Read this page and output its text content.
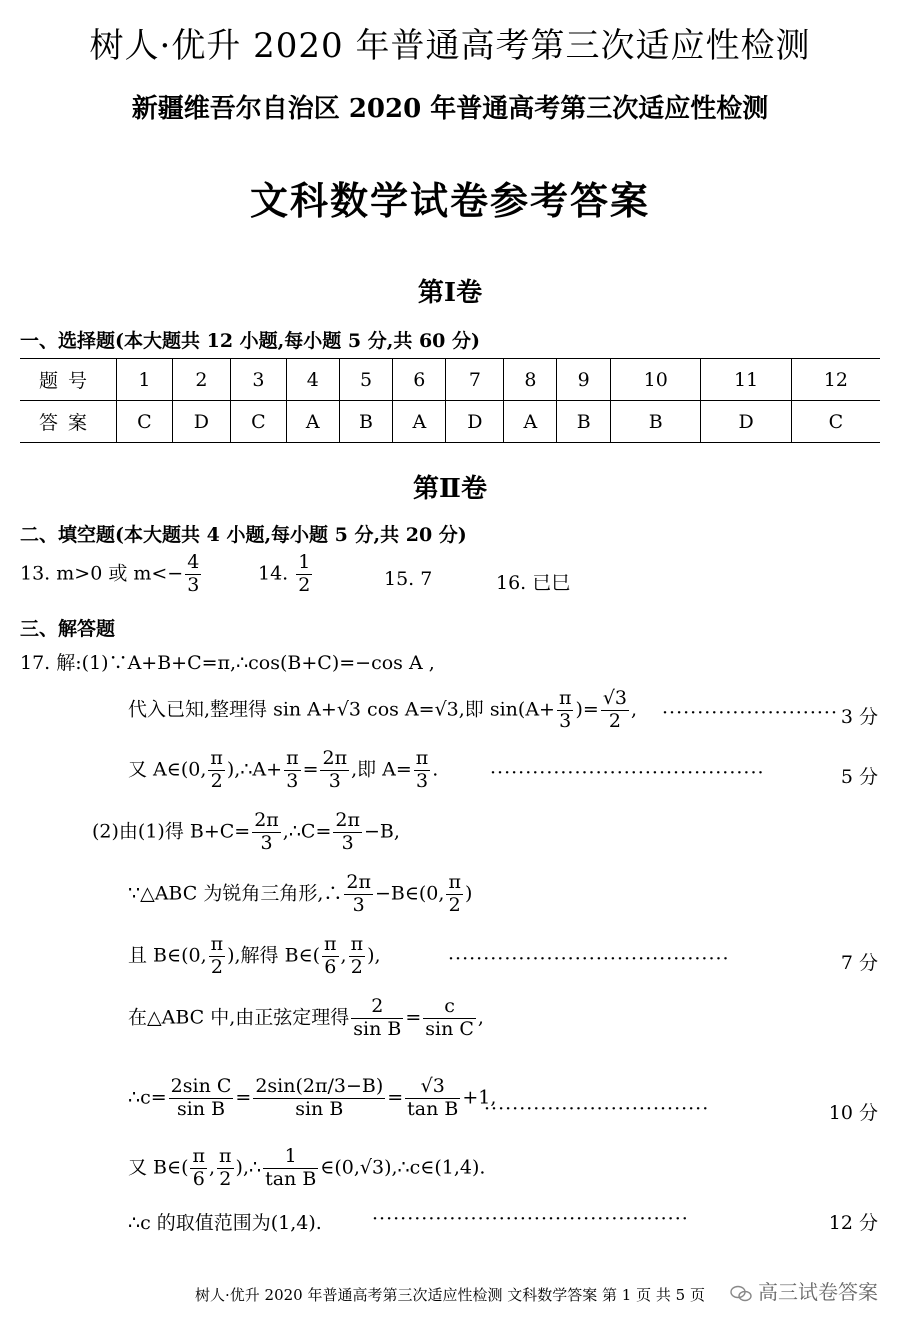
树人·优升 2020 年普通高考第三次适应性检测
新疆维吾尔自治区 2020 年普通高考第三次适应性检测
文科数学试卷参考答案
第Ⅰ卷
一、选择题(本大题共 12 小题,每小题 5 分,共 60 分)
题号	1	2	3	4	5	6	7	8	9	10	11	12
答案	C	D	C	A	B	A	D	A	B	B	D	C
第Ⅱ卷
二、填空题(本大题共 4 小题,每小题 5 分,共 20 分)
13. m>0 或 $m<- \frac{4}{3}$	14. $\frac{1}{2}$	15. 7	16. 已巳
三、解答题
17. 解:(1)∵A+B+C=π,∴cos(B+C)=−cos A ,
代入已知,整理得 sin A+√3 cos A=√3,即 $\sin(A+ \frac{\pi}{3}$ )= $\frac{√3}{2}$ , ························· 3 分
又 A∈(0, $\frac{\pi}{2}$ ),∴A+ $\frac{\pi}{3} = \frac{2\pi}{3}$ ,即 $A= \frac{\pi}{3}$ .	·······································	5 分
(2)由(1)得 $B+C= \frac{2\pi}{3}$ ,∴C= $\frac{2\pi}{3} -B$,
∵△ABC 为锐角三角形,∴ $\frac{2\pi}{3}$ −B∈(0, $\frac{\pi}{2}$ )
且 B∈(0, $\frac{\pi}{2}$ ),解得 B∈( $\frac{\pi}{6}$ , $\frac{\pi}{2}$ ),	········································	7 分
在△ABC 中,由正弦定理得 $\frac{2}{\text{sin B}} = \frac{c}{\text{sin C}}$ ,
∴c= $\frac{\text{2sin C}}{\text{sin B}} = \frac{2\sin(2\pi/3-B)}{\text{sin B}} = \frac{√3}{\text{tan B}} +1$,
································	10 分
又 B∈( $\frac{\pi}{6}$ , $\frac{\pi}{2}$ ),∴ $\frac{1}{\text{tan B}}$ ∈(0,√3),∴c∈(1,4).
∴c 的取值范围为(1,4).	·············································	12 分
树人·优升 2020 年普通高考第三次适应性检测 文科数学答案 第 1 页 共 5 页	高三试卷答案
